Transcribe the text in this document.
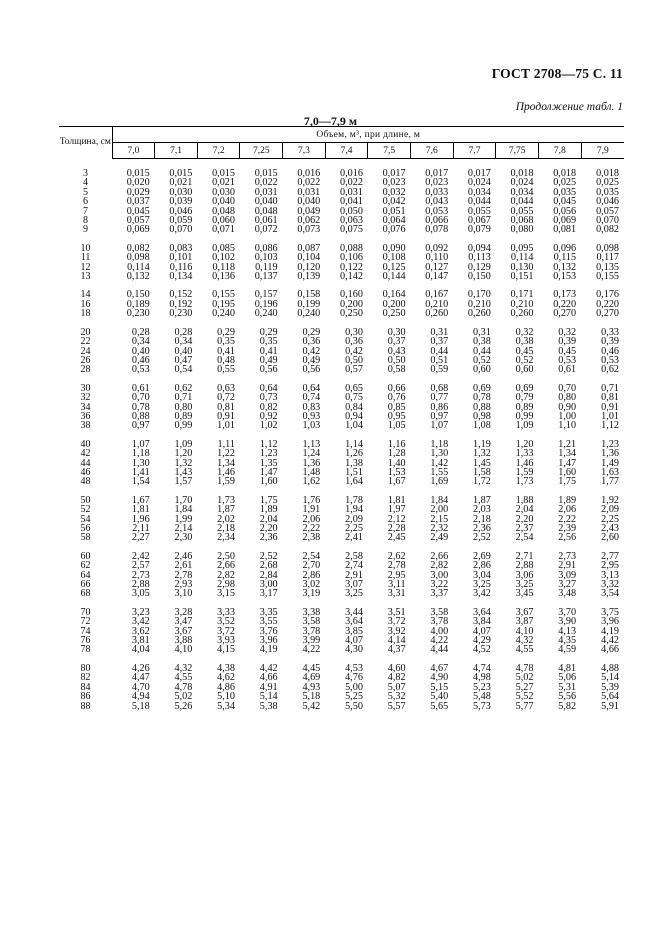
ГОСТ 2708—75 С. 11
Продолжение табл. 1
7,0—7,9 м
Толщина, см	Объем, м³, при длине, м											
	7,0	7,1	7,2	7,25	7,3	7,4	7,5	7,6	7,7	7,75	7,8	7,9
3	0,015	0,015	0,015	0,015	0,016	0,016	0,017	0,017	0,017	0,018	0,018	0,018
4	0,020	0,021	0,021	0,022	0,022	0,022	0,023	0,023	0,024	0,024	0,025	0,025
5	0,029	0,030	0,030	0,031	0,031	0,031	0,032	0,033	0,034	0,034	0,035	0,035
6	0,037	0,039	0,040	0,040	0,040	0,041	0,042	0,043	0,044	0,044	0,045	0,046
7	0,045	0,046	0,048	0,048	0,049	0,050	0,051	0,053	0,055	0,055	0,056	0,057
8	0,057	0,059	0,060	0,061	0,062	0,063	0,064	0,066	0,067	0,068	0,069	0,070
9	0,069	0,070	0,071	0,072	0,073	0,075	0,076	0,078	0,079	0,080	0,081	0,082

10	0,082	0,083	0,085	0,086	0,087	0,088	0,090	0,092	0,094	0,095	0,096	0,098
11	0,098	0,101	0,102	0,103	0,104	0,106	0,108	0,110	0,113	0,114	0,115	0,117
12	0,114	0,116	0,118	0,119	0,120	0,122	0,125	0,127	0,129	0,130	0,132	0,135
13	0,132	0,134	0,136	0,137	0,139	0,142	0,144	0,147	0,150	0,151	0,153	0,155

14	0,150	0,152	0,155	0,157	0,158	0,160	0,164	0,167	0,170	0,171	0,173	0,176
16	0,189	0,192	0,195	0,196	0,199	0,200	0,200	0,210	0,210	0,210	0,220	0,220
18	0,230	0,230	0,240	0,240	0,240	0,250	0,250	0,260	0,260	0,260	0,270	0,270

20	0,28	0,28	0,29	0,29	0,29	0,30	0,30	0,31	0,31	0,32	0,32	0,33
22	0,34	0,34	0,35	0,35	0,36	0,36	0,37	0,37	0,38	0,38	0,39	0,39
24	0,40	0,40	0,41	0,41	0,42	0,42	0,43	0,44	0,44	0,45	0,45	0,46
26	0,46	0,47	0,48	0,49	0,49	0,50	0,50	0,51	0,52	0,52	0,53	0,53
28	0,53	0,54	0,55	0,56	0,56	0,57	0,58	0,59	0,60	0,60	0,61	0,62

30	0,61	0,62	0,63	0,64	0,64	0,65	0,66	0,68	0,69	0,69	0,70	0,71
32	0,70	0,71	0,72	0,73	0,74	0,75	0,76	0,77	0,78	0,79	0,80	0,81
34	0,78	0,80	0,81	0,82	0,83	0,84	0,85	0,86	0,88	0,89	0,90	0,91
36	0,88	0,89	0,91	0,92	0,93	0,94	0,95	0,97	0,98	0,99	1,00	1,01
38	0,97	0,99	1,01	1,02	1,03	1,04	1,05	1,07	1,08	1,09	1,10	1,12

40	1,07	1,09	1,11	1,12	1,13	1,14	1,16	1,18	1,19	1,20	1,21	1,23
42	1,18	1,20	1,22	1,23	1,24	1,26	1,28	1,30	1,32	1,33	1,34	1,36
44	1,30	1,32	1,34	1,35	1,36	1,38	1,40	1,42	1,45	1,46	1,47	1,49
46	1,41	1,43	1,46	1,47	1,48	1,51	1,53	1,55	1,58	1,59	1,60	1,63
48	1,54	1,57	1,59	1,60	1,62	1,64	1,67	1,69	1,72	1,73	1,75	1,77

50	1,67	1,70	1,73	1,75	1,76	1,78	1,81	1,84	1,87	1,88	1,89	1,92
52	1,81	1,84	1,87	1,89	1,91	1,94	1,97	2,00	2,03	2,04	2,06	2,09
54	1,96	1,99	2,02	2,04	2,06	2,09	2,12	2,15	2,18	2,20	2,22	2,25
56	2,11	2,14	2,18	2,20	2,22	2,25	2,28	2,32	2,36	2,37	2,39	2,43
58	2,27	2,30	2,34	2,36	2,38	2,41	2,45	2,49	2,52	2,54	2,56	2,60

60	2,42	2,46	2,50	2,52	2,54	2,58	2,62	2,66	2,69	2,71	2,73	2,77
62	2,57	2,61	2,66	2,68	2,70	2,74	2,78	2,82	2,86	2,88	2,91	2,95
64	2,73	2,78	2,82	2,84	2,86	2,91	2,95	3,00	3,04	3,06	3,09	3,13
66	2,88	2,93	2,98	3,00	3,02	3,07	3,11	3,22	3,25	3,25	3,27	3,32
68	3,05	3,10	3,15	3,17	3,19	3,25	3,31	3,37	3,42	3,45	3,48	3,54

70	3,23	3,28	3,33	3,35	3,38	3,44	3,51	3,58	3,64	3,67	3,70	3,75
72	3,42	3,47	3,52	3,55	3,58	3,64	3,72	3,78	3,84	3,87	3,90	3,96
74	3,62	3,67	3,72	3,76	3,78	3,85	3,92	4,00	4,07	4,10	4,13	4,19
76	3,81	3,88	3,93	3,96	3,99	4,07	4,14	4,22	4,29	4,32	4,35	4,42
78	4,04	4,10	4,15	4,19	4,22	4,30	4,37	4,44	4,52	4,55	4,59	4,66

80	4,26	4,32	4,38	4,42	4,45	4,53	4,60	4,67	4,74	4,78	4,81	4,88
82	4,47	4,55	4,62	4,66	4,69	4,76	4,82	4,90	4,98	5,02	5,06	5,14
84	4,70	4,78	4,86	4,91	4,93	5,00	5,07	5,15	5,23	5,27	5,31	5,39
86	4,94	5,02	5,10	5,14	5,18	5,25	5,32	5,40	5,48	5,52	5,56	5,64
88	5,18	5,26	5,34	5,38	5,42	5,50	5,57	5,65	5,73	5,77	5,82	5,91
